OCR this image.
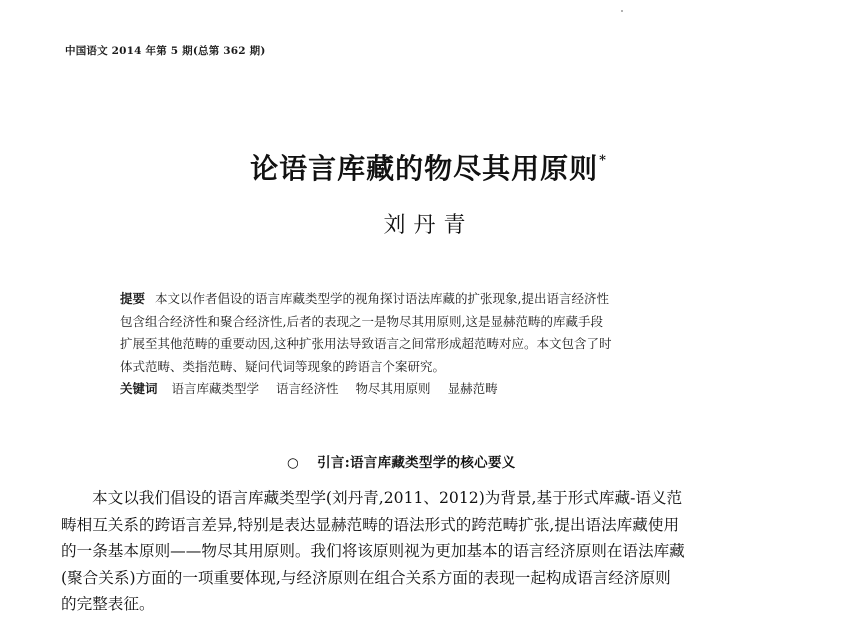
中国语文 2014 年第 5 期(总第 362 期)
论语言库藏的物尽其用原则*
刘丹青
提要 本文以作者倡设的语言库藏类型学的视角探讨语法库藏的扩张现象,提出语言经济性
包含组合经济性和聚合经济性,后者的表现之一是物尽其用原则,这是显赫范畴的库藏手段
扩展至其他范畴的重要动因,这种扩张用法导致语言之间常形成超范畴对应。本文包含了时
体式范畴、类指范畴、疑问代词等现象的跨语言个案研究。
关键词 语言库藏类型学 语言经济性 物尽其用原则 显赫范畴
○ 引言:语言库藏类型学的核心要义
本文以我们倡设的语言库藏类型学(刘丹青,2011、2012)为背景,基于形式库藏-语义范
畴相互关系的跨语言差异,特别是表达显赫范畴的语法形式的跨范畴扩张,提出语法库藏使用
的一条基本原则——物尽其用原则。我们将该原则视为更加基本的语言经济原则在语法库藏
(聚合关系)方面的一项重要体现,与经济原则在组合关系方面的表现一起构成语言经济原则
的完整表征。
